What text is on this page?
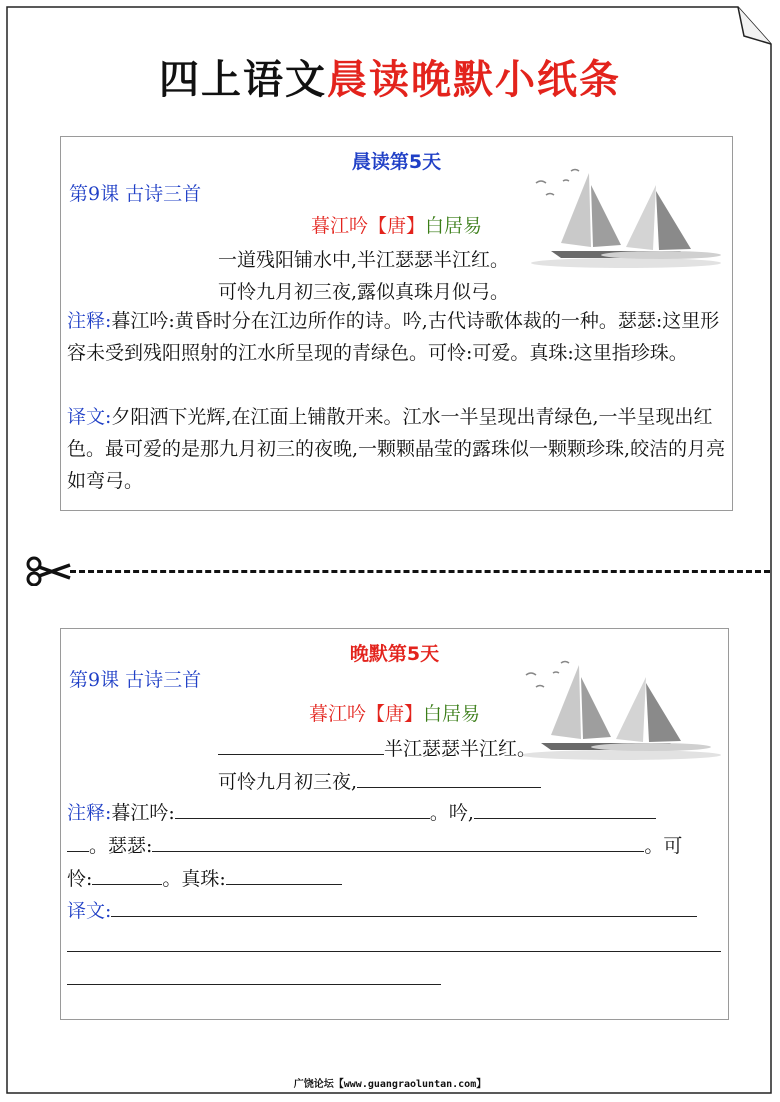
四上语文晨读晚默小纸条
晨读第5天
第9课 古诗三首
暮江吟【唐】白居易
一道残阳铺水中,半江瑟瑟半江红。
可怜九月初三夜,露似真珠月似弓。
注释:暮江吟:黄昏时分在江边所作的诗。吟,古代诗歌体裁的一种。瑟瑟:这里形容未受到残阳照射的江水所呈现的青绿色。可怜:可爱。真珠:这里指珍珠。
译文:夕阳洒下光辉,在江面上铺散开来。江水一半呈现出青绿色,一半呈现出红色。最可爱的是那九月初三的夜晚,一颗颗晶莹的露珠似一颗颗珍珠,皎洁的月亮如弯弓。
晚默第5天
第9课 古诗三首
暮江吟【唐】白居易
半江瑟瑟半江红。
可怜九月初三夜,
注释:暮江吟:	。吟,
。瑟瑟:	。可
怜:	。真珠:
译文:
广饶论坛【www.guangraoluntan.com】
